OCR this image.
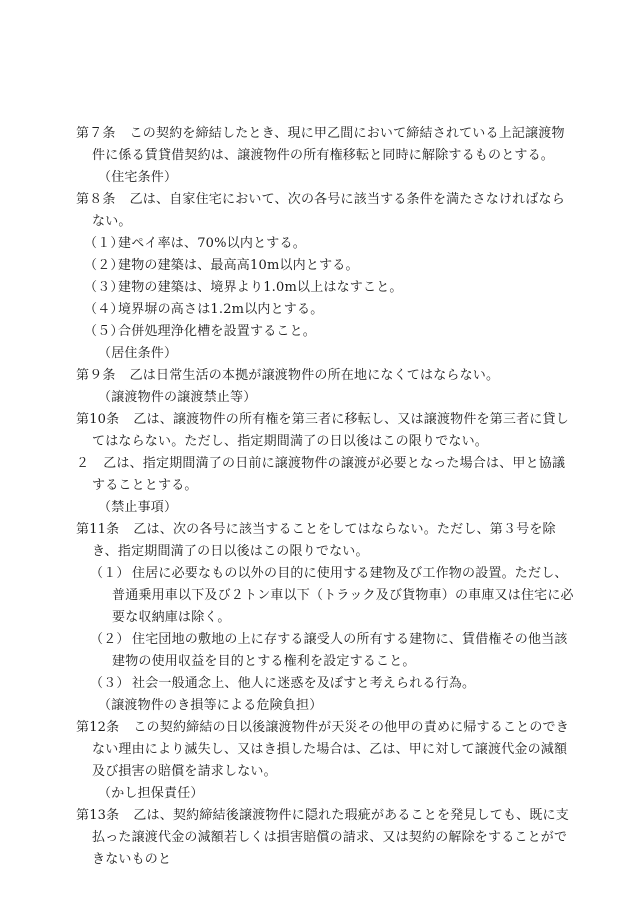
第７条 この契約を締結したとき、現に甲乙間において締結されている上記譲渡物件に係る賃貸借契約は、譲渡物件の所有権移転と同時に解除するものとする。

（住宅条件）

第８条 乙は、自家住宅において、次の各号に該当する条件を満たさなければならない。

（１）建ペイ率は、70%以内とする。

（２）建物の建築は、最高高10m以内とする。

（３）建物の建築は、境界より1.0m以上はなすこと。

（４）境界塀の高さは1.2m以内とする。

（５）合併処理浄化槽を設置すること。

（居住条件）

第９条 乙は日常生活の本拠が譲渡物件の所在地になくてはならない。

（譲渡物件の譲渡禁止等）

第10条 乙は、譲渡物件の所有権を第三者に移転し、又は譲渡物件を第三者に貸してはならない。ただし、指定期間満了の日以後はこの限りでない。

２ 乙は、指定期間満了の日前に譲渡物件の譲渡が必要となった場合は、甲と協議することとする。

（禁止事項）

第11条 乙は、次の各号に該当することをしてはならない。ただし、第３号を除き、指定期間満了の日以後はこの限りでない。

（１） 住居に必要なもの以外の目的に使用する建物及び工作物の設置。ただし、普通乗用車以下及び２トン車以下（トラック及び貨物車）の車庫又は住宅に必要な収納庫は除く。

（２） 住宅団地の敷地の上に存する譲受人の所有する建物に、賃借権その他当該建物の使用収益を目的とする権利を設定すること。

（３） 社会一般通念上、他人に迷惑を及ぼすと考えられる行為。

（譲渡物件のき損等による危険負担）

第12条 この契約締結の日以後譲渡物件が天災その他甲の責めに帰することのできない理由により滅失し、又はき損した場合は、乙は、甲に対して譲渡代金の減額及び損害の賠償を請求しない。

（かし担保責任）

第13条 乙は、契約締結後譲渡物件に隠れた瑕疵があることを発見しても、既に支払った譲渡代金の減額若しくは損害賠償の請求、又は契約の解除をすることができないものと
